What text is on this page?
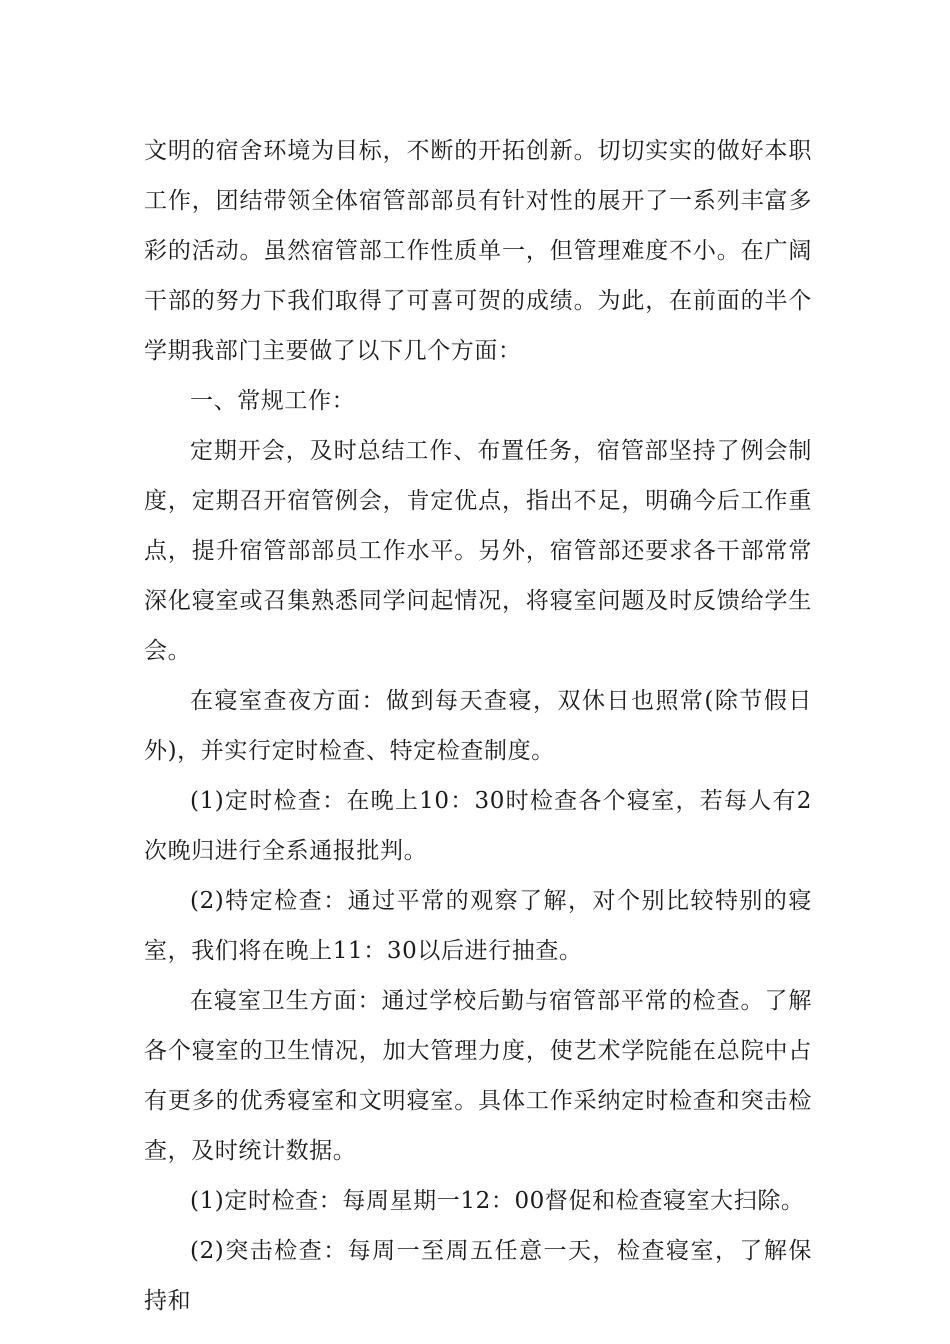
文明的宿舍环境为目标，不断的开拓创新。切切实实的做好本职工作，团结带领全体宿管部部员有针对性的展开了一系列丰富多彩的活动。虽然宿管部工作性质单一，但管理难度不小。在广阔干部的努力下我们取得了可喜可贺的成绩。为此，在前面的半个学期我部门主要做了以下几个方面：

一、常规工作：

定期开会，及时总结工作、布置任务，宿管部坚持了例会制度，定期召开宿管例会，肯定优点，指出不足，明确今后工作重点，提升宿管部部员工作水平。另外，宿管部还要求各干部常常深化寝室或召集熟悉同学问起情况，将寝室问题及时反馈给学生会。

在寝室查夜方面：做到每天查寝，双休日也照常(除节假日外)，并实行定时检查、特定检查制度。

(1)定时检查：在晚上10：30时检查各个寝室，若每人有2次晚归进行全系通报批判。

(2)特定检查：通过平常的观察了解，对个别比较特别的寝室，我们将在晚上11：30以后进行抽查。

在寝室卫生方面：通过学校后勤与宿管部平常的检查。了解各个寝室的卫生情况，加大管理力度，使艺术学院能在总院中占有更多的优秀寝室和文明寝室。具体工作采纳定时检查和突击检查，及时统计数据。

(1)定时检查：每周星期一12：00督促和检查寝室大扫除。

(2)突击检查：每周一至周五任意一天，检查寝室，了解保持和
